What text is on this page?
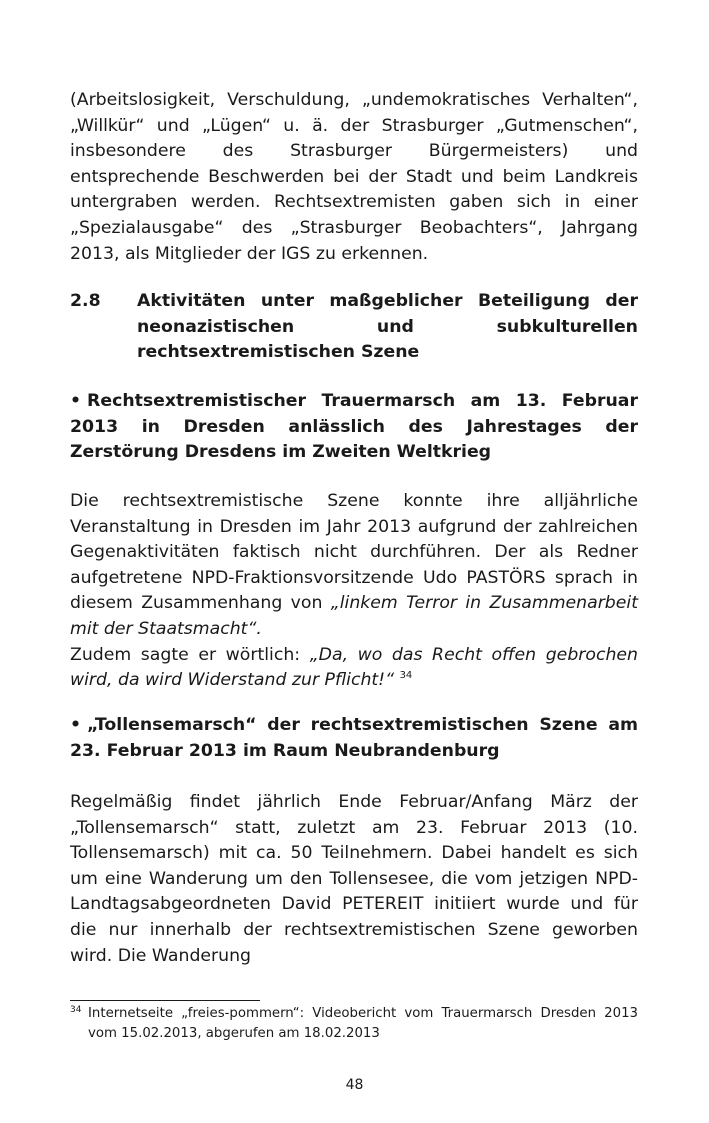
(Arbeitslosigkeit, Verschuldung, „undemokratisches Verhalten“, „Willkür“ und „Lügen“ u. ä. der Strasburger „Gutmenschen“, insbesondere des Strasburger Bürgermeisters) und entsprechende Beschwerden bei der Stadt und beim Landkreis untergraben werden. Rechtsextremisten gaben sich in einer „Spezialausgabe“ des „Strasburger Beobachters“, Jahrgang 2013, als Mitglieder der IGS zu erkennen.

2.8 Aktivitäten unter maßgeblicher Beteiligung der neonazistischen und subkulturellen rechtsextremistischen Szene

• Rechtsextremistischer Trauermarsch am 13. Februar 2013 in Dresden anlässlich des Jahrestages der Zerstörung Dresdens im Zweiten Weltkrieg

Die rechtsextremistische Szene konnte ihre alljährliche Veranstaltung in Dresden im Jahr 2013 aufgrund der zahlreichen Gegenaktivitäten faktisch nicht durchführen. Der als Redner aufgetretene NPD-Fraktionsvorsitzende Udo PASTÖRS sprach in diesem Zusammenhang von „linkem Terror in Zusammenarbeit mit der Staatsmacht“.
Zudem sagte er wörtlich: „Da, wo das Recht offen gebrochen wird, da wird Widerstand zur Pflicht!“ $^{34}$

• „Tollensemarsch“ der rechtsextremistischen Szene am 23. Februar 2013 im Raum Neubrandenburg

Regelmäßig findet jährlich Ende Februar/Anfang März der „Tollensemarsch“ statt, zuletzt am 23. Februar 2013 (10. Tollensemarsch) mit ca. 50 Teilnehmern. Dabei handelt es sich um eine Wanderung um den Tollensesee, die vom jetzigen NPD-Landtagsabgeordneten David PETEREIT initiiert wurde und für die nur innerhalb der rechtsextremistischen Szene geworben wird. Die Wanderung

34 Internetseite „freies-pommern“: Videobericht vom Trauermarsch Dresden 2013 vom 15.02.2013, abgerufen am 18.02.2013

48
